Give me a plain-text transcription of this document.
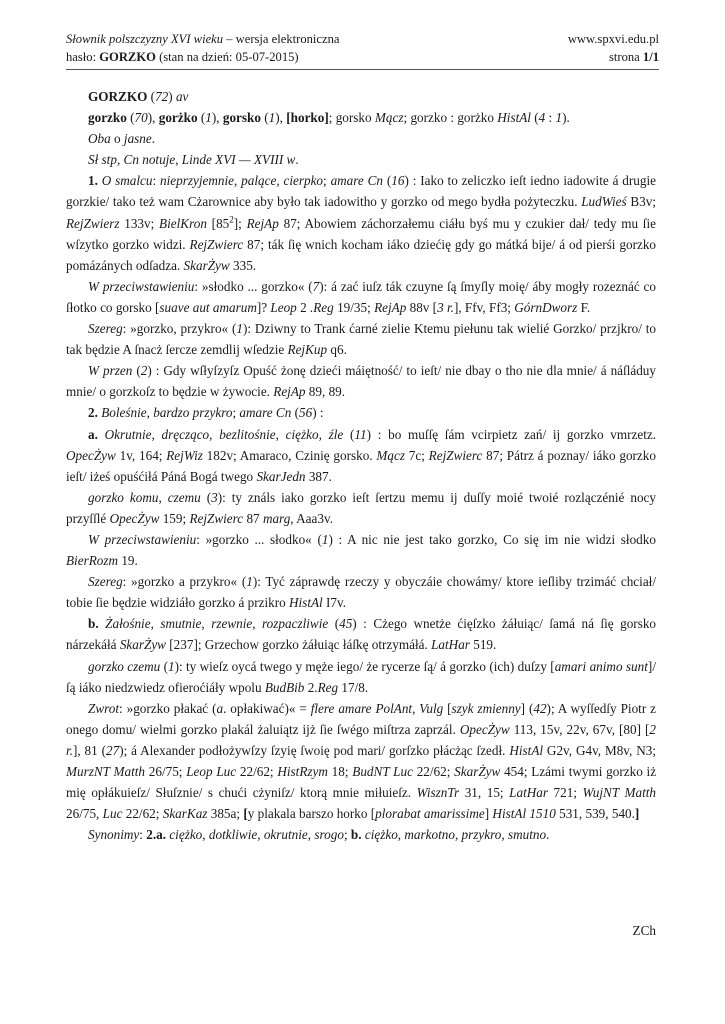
Słownik polszczyzny XVI wieku – wersja elektroniczna
hasło: GORZKO (stan na dzień: 05-07-2015)
www.spxvi.edu.pl
strona 1/1

GORZKO (72) av

gorzko (70), gorżko (1), gorsko (1), [horko]; gorsko Mącz; gorzko : gorżko HistAl (4 : 1).

Oba o jasne.

Sł stp, Cn notuje, Linde XVI — XVIII w.

1. O smalcu: nieprzyjemnie, palące, cierpko; amare Cn (16) : Iako to zeliczko ieſt iedno iadowite á drugie gorzkie/ tako też wam Cżarownice aby było tak iadowitho y gorzko od mego bydła pożyteczku. LudWieś B3v; RejZwierz 133v; BielKron $[85^2]$; RejAp 87; Abowiem záchorzałemu ciáłu byś mu y czukier dał/ tedy mu ſie wſzytko gorzko widzi. RejZwierc 87; ták ſię wnich kocham iáko dziećię gdy go mátká bije/ á od pierśi gorzko pomázánych odſadza. SkarŻyw 335.

W przeciwstawieniu: »słodko ... gorzko« (7): á zać iuſz ták czuyne ſą ſmyſly moię/ áby mogły rozeznáć co ſłotko co gorsko [suave aut amarum]? Leop 2 .Reg 19/35; RejAp 88v [3 r.], Ffv, Ff3; GórnDworz F.

Szereg: »gorzko, przykro« (1): Dziwny to Trank ćarné zielie Ktemu piełunu tak wielié Gorzko/ przjkro/ to tak będzie A ſnacż ſercze zemdlij wſedzie RejKup q6.

W przen (2) : Gdy wſłyſzyſz Opuść żonę dzieći máiętność/ to ieſt/ nie dbay o tho nie dla mnie/ á náſláduy mnie/ o gorzkoſz to będzie w żywocie. RejAp 89, 89.

2. Boleśnie, bardzo przykro; amare Cn (56) :

a. Okrutnie, dręcząco, bezlitośnie, ciężko, źle (11) : bo muſſę ſám vcirpietz zań/ ij gorzko vmrzetz. OpecŻyw 1v, 164; RejWiz 182v; Amaraco, Czinię gorsko. Mącz 7c; RejZwierc 87; Pátrz á poznay/ iáko gorzko ieſt/ iżeś opuśćiłá Páná Bogá twego SkarJedn 387.

gorzko komu, czemu (3): ty ználs iako gorzko ieſt ſertzu memu ij duſſy moié twoié rozlączénié nocy przyſſlé OpecŻyw 159; RejZwierc 87 marg, Aaa3v.

W przeciwstawieniu: »gorzko ... słodko« (1) : A nic nie jest tako gorzko, Co się im nie widzi słodko BierRozm 19.

Szereg: »gorzko a przykro« (1): Tyć záprawdę rzeczy y obyczáie chowámy/ ktore ieſliby trzimáć chciał/ tobie ſie będzie widziáło gorzko á przikro HistAl I7v.

b. Żałośnie, smutnie, rzewnie, rozpaczliwie (45) : Cżego wnetże ćięſzko żáłuiąc/ ſamá ná ſię gorsko nárzekáłá SkarŻyw [237]; Grzechow gorzko żáłuiąc łáſkę otrzymáłá. LatHar 519.

gorzko czemu (1): ty wieſz oycá twego y męże iego/ że rycerze ſą/ á gorzko (ich) duſzy [amari animo sunt]/ ſą iáko niedzwiedz ofieroćiáły wpolu BudBib 2.Reg 17/8.

Zwrot: »gorzko płakać (a. opłakiwać)« = flere amare PolAnt, Vulg [szyk zmienny] (42); A wyſſedſy Piotr z onego domu/ wielmi gorzko plakál żaluiątz ijż ſie ſwégo miſtrza zaprzál. OpecŻyw 113, 15v, 22v, 67v, [80] [2 r.], 81 (27); á Alexander podłożywſzy ſzyię ſwoię pod mari/ gorſzko płácżąc ſzedł. HistAl G2v, G4v, M8v, N3; MurzNT Matth 26/75; Leop Luc 22/62; HistRzym 18; BudNT Luc 22/62; SkarŻyw 454; Lzámi twymi gorzko iż mię opłákuieſz/ Słuſznie/ s chući cżyniſz/ ktorą mnie miłuieſz. WisznTr 31, 15; LatHar 721; WujNT Matth 26/75, Luc 22/62; SkarKaz 385a; [y plakala barszo horko [plorabat amarissime] HistAl 1510 531, 539, 540.]

Synonimy: 2.a. ciężko, dotkliwie, okrutnie, srogo; b. ciężko, markotno, przykro, smutno.

ZCh
